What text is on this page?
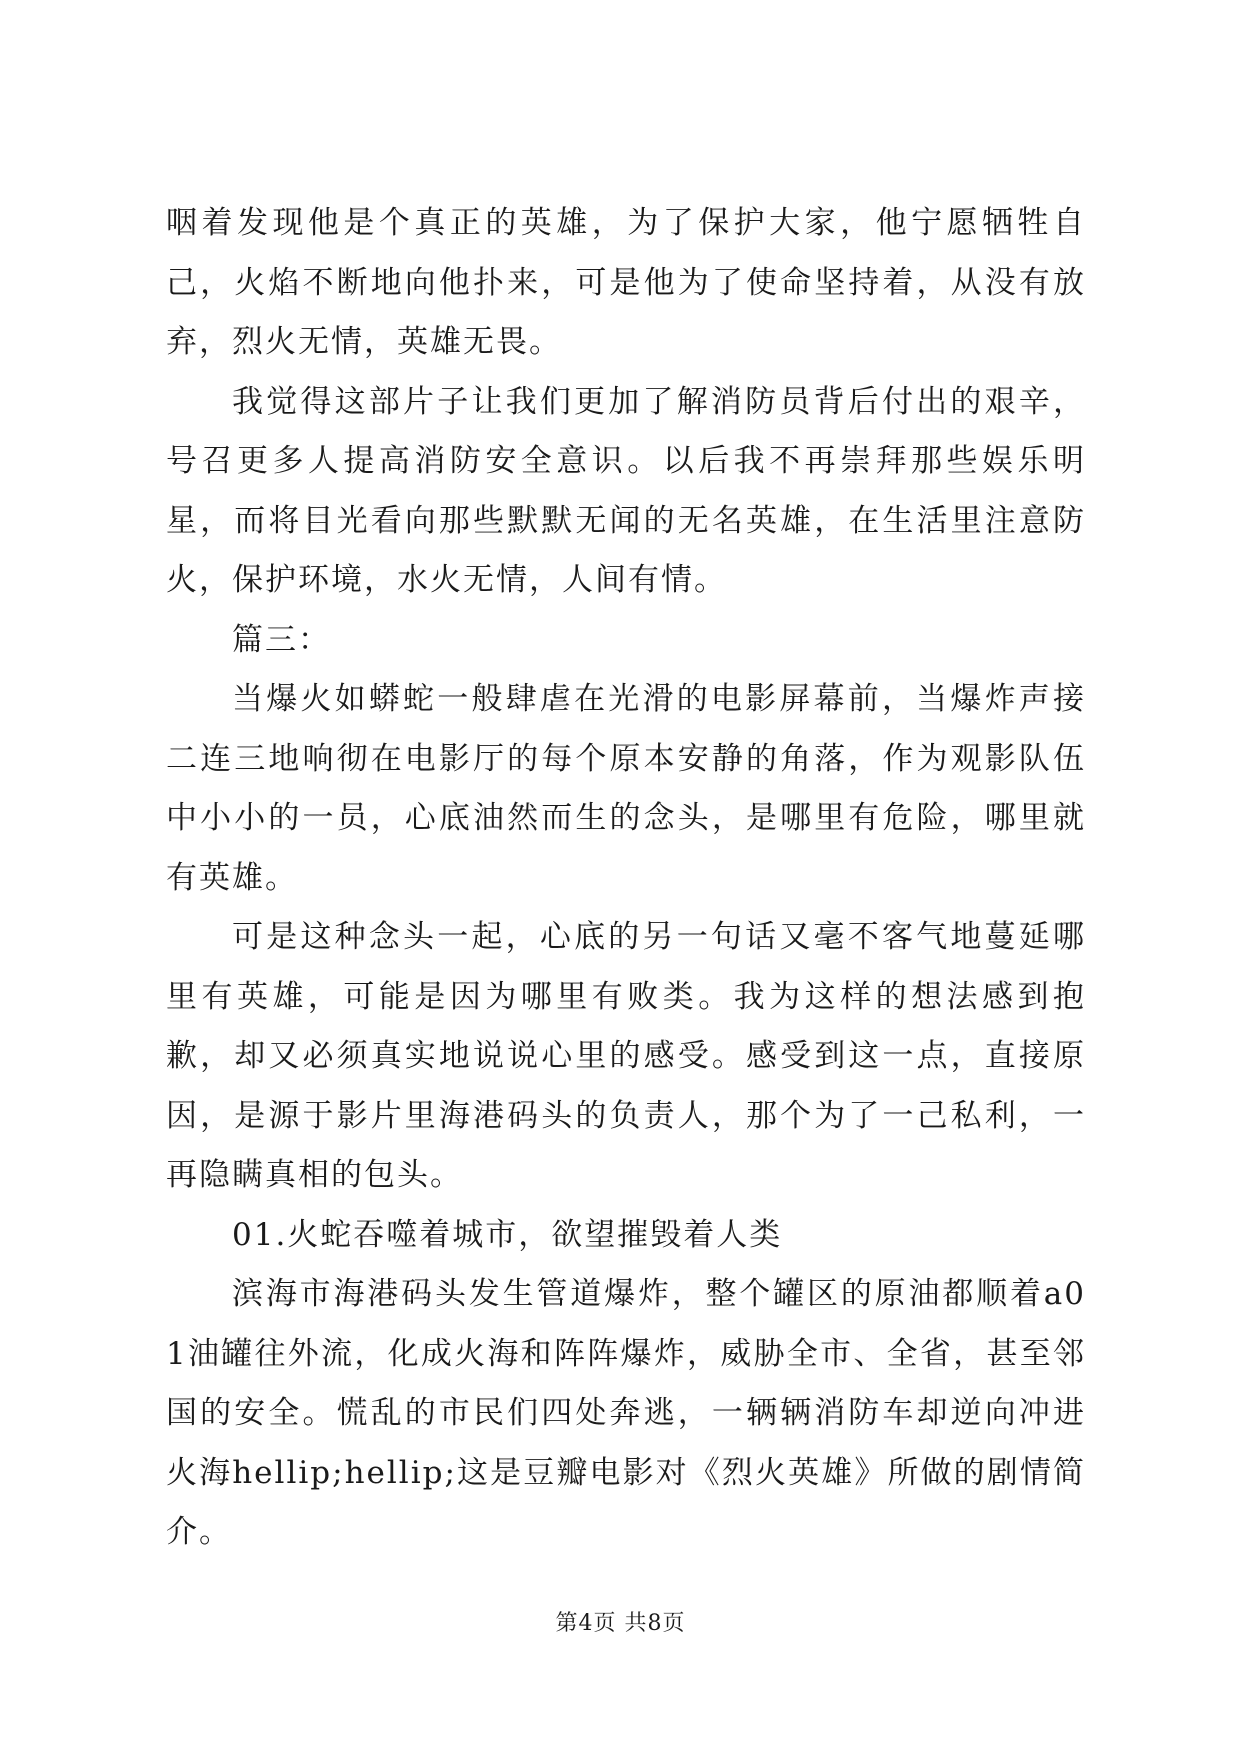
咽着发现他是个真正的英雄，为了保护大家，他宁愿牺牲自己，火焰不断地向他扑来，可是他为了使命坚持着，从没有放弃，烈火无情，英雄无畏。

我觉得这部片子让我们更加了解消防员背后付出的艰辛，号召更多人提高消防安全意识。以后我不再崇拜那些娱乐明星，而将目光看向那些默默无闻的无名英雄，在生活里注意防火，保护环境，水火无情，人间有情。

篇三：

当爆火如蟒蛇一般肆虐在光滑的电影屏幕前，当爆炸声接二连三地响彻在电影厅的每个原本安静的角落，作为观影队伍中小小的一员，心底油然而生的念头，是哪里有危险，哪里就有英雄。

可是这种念头一起，心底的另一句话又毫不客气地蔓延哪里有英雄，可能是因为哪里有败类。我为这样的想法感到抱歉，却又必须真实地说说心里的感受。感受到这一点，直接原因，是源于影片里海港码头的负责人，那个为了一己私利，一再隐瞒真相的包头。

01.火蛇吞噬着城市，欲望摧毁着人类

滨海市海港码头发生管道爆炸，整个罐区的原油都顺着a01油罐往外流，化成火海和阵阵爆炸，威胁全市、全省，甚至邻国的安全。慌乱的市民们四处奔逃，一辆辆消防车却逆向冲进火海hellip;hellip;这是豆瓣电影对《烈火英雄》所做的剧情简介。

第4页 共8页
